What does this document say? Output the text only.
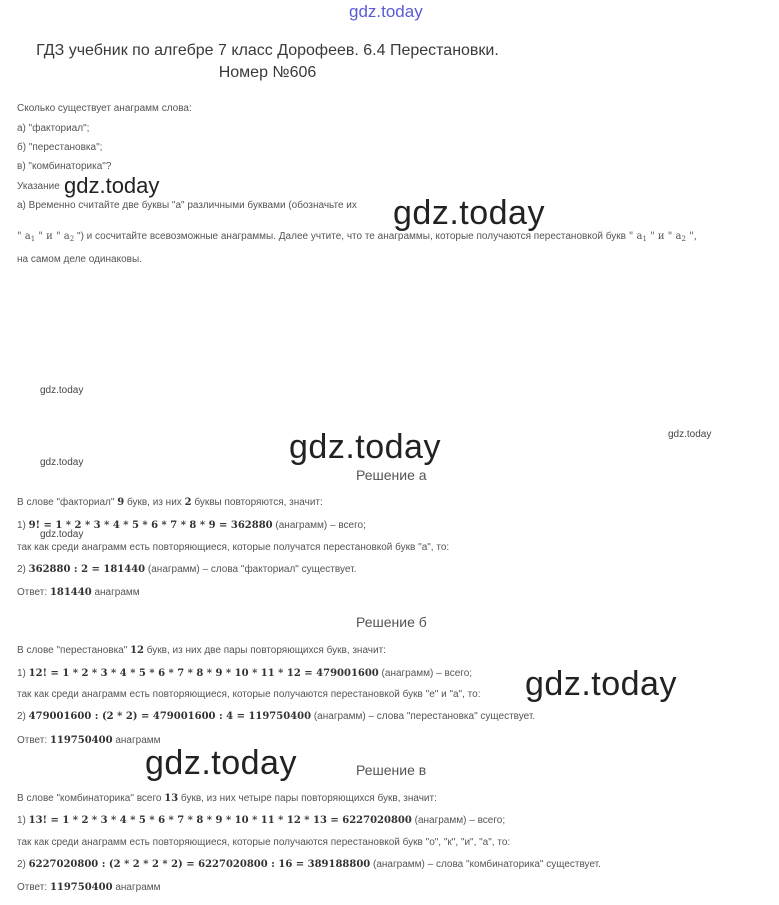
gdz.today
ГДЗ учебник по алгебре 7 класс Дорофеев. 6.4 Перестановки.
Номер №606
Сколько существует анаграмм слова:
а) "факториал";
б) "перестановка";
в) "комбинаторика"?
Указание gdz.today
а) Временно считайте две буквы "а" различными буквами (обозначьте их gdz.today
" $a_1$ " и " $a_2$ ") и сосчитайте всевозможные анаграммы. Далее учтите, что те анаграммы, которые получаются перестановкой букв " $a_1$ " и " $a_2$ ",
на самом деле одинаковы.
gdz.today
gdz.today
gdz.today	gdz.today
Решение а
В слове "факториал" 9 букв, из них 2 буквы повторяются, значит:
1) 9! = 1 * 2 * 3 * 4 * 5 * 6 * 7 * 8 * 9 = 362880 (анаграмм) – всего;
gdz.today
так как среди анаграмм есть повторяющиеся, которые получатся перестановкой букв "а", то:
2) 362880 : 2 = 181440 (анаграмм) – слова "факториал" существует.
Ответ: 181440 анаграмм
Решение б
В слове "перестановка" 12 букв, из них две пары повторяющихся букв, значит:
1) 12! = 1 * 2 * 3 * 4 * 5 * 6 * 7 * 8 * 9 * 10 * 11 * 12 = 479001600 (анаграмм) – всего;
так как среди анаграмм есть повторяющиеся, которые получаются перестановкой букв "е" и "а", то: gdz.today
2) 479001600 : (2 * 2) = 479001600 : 4 = 119750400 (анаграмм) – слова "перестановка" существует.
Ответ: 119750400 анаграмм
gdz.today	Решение в
В слове "комбинаторика" всего 13 букв, из них четыре пары повторяющихся букв, значит:
1) 13! = 1 * 2 * 3 * 4 * 5 * 6 * 7 * 8 * 9 * 10 * 11 * 12 * 13 = 6227020800 (анаграмм) – всего;
так как среди анаграмм есть повторяющиеся, которые получаются перестановкой букв "о", "к", "и", "а", то:
2) 6227020800 : (2 * 2 * 2 * 2) = 6227020800 : 16 = 389188800 (анаграмм) – слова "комбинаторика" существует.
Ответ: 119750400 анаграмм
